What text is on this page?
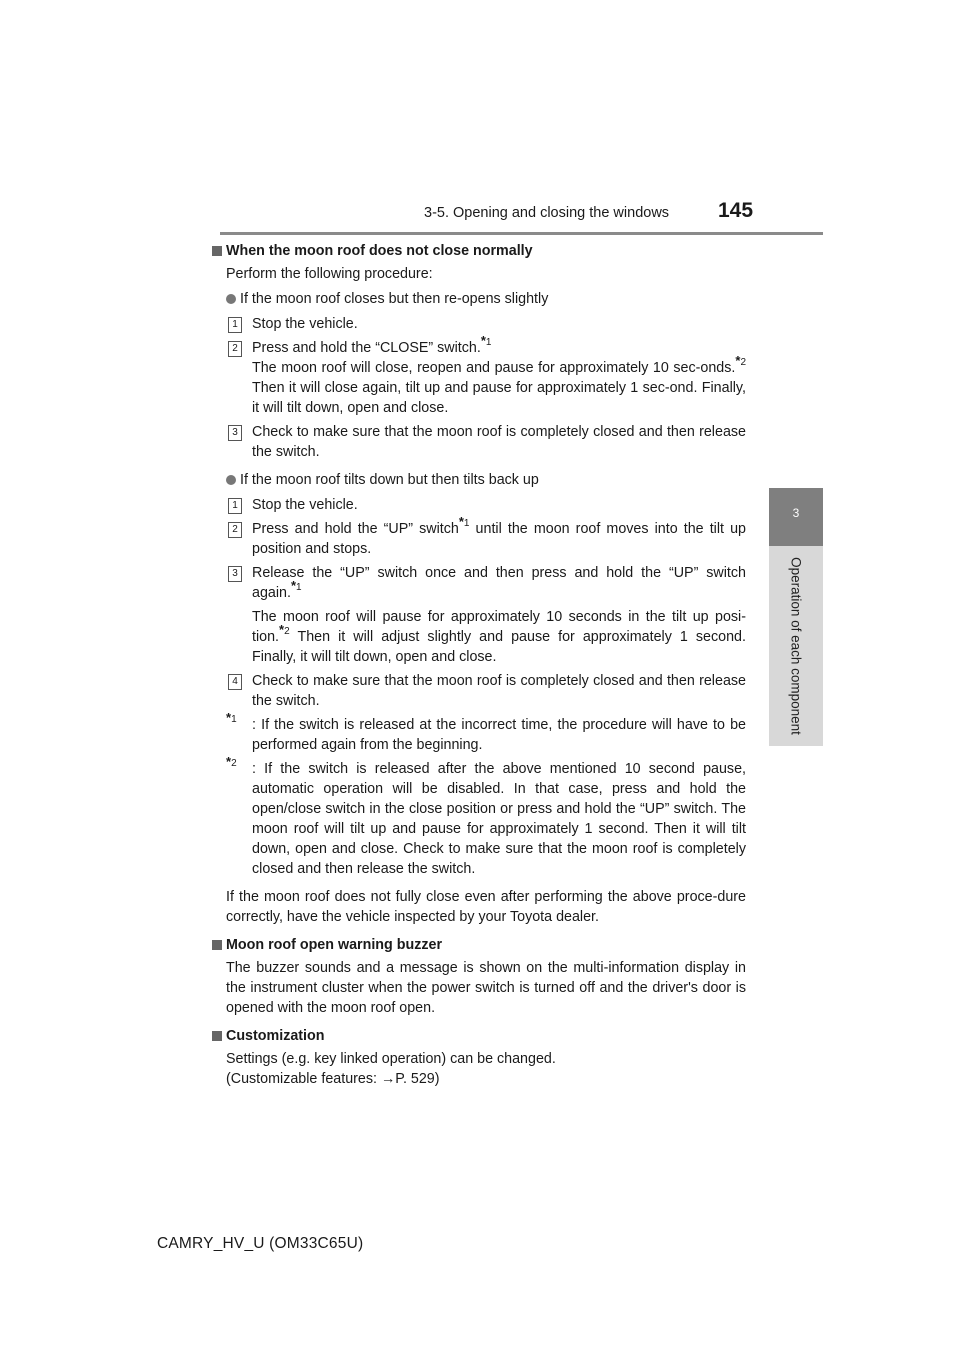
3-5. Opening and closing the windows 145
3
Operation of each component
When the moon roof does not close normally
Perform the following procedure:
If the moon roof closes but then re-opens slightly
1 Stop the vehicle.
2 Press and hold the “CLOSE” switch.$^{*1}$
The moon roof will close, reopen and pause for approximately 10 sec-onds.$^{*2}$ Then it will close again, tilt up and pause for approximately 1 sec-ond. Finally, it will tilt down, open and close.
3 Check to make sure that the moon roof is completely closed and then release the switch.
If the moon roof tilts down but then tilts back up
1 Stop the vehicle.
2 Press and hold the “UP” switch$^{*1}$ until the moon roof moves into the tilt up position and stops.
3 Release the “UP” switch once and then press and hold the “UP” switch again.$^{*1}$
The moon roof will pause for approximately 10 seconds in the tilt up posi-tion.$^{*2}$ Then it will adjust slightly and pause for approximately 1 second. Finally, it will tilt down, open and close.
4 Check to make sure that the moon roof is completely closed and then release the switch.
$^{*1}$ : If the switch is released at the incorrect time, the procedure will have to be performed again from the beginning.
$^{*2}$ : If the switch is released after the above mentioned 10 second pause, automatic operation will be disabled. In that case, press and hold the open/close switch in the close position or press and hold the “UP” switch. The moon roof will tilt up and pause for approximately 1 second. Then it will tilt down, open and close. Check to make sure that the moon roof is completely closed and then release the switch.
If the moon roof does not fully close even after performing the above proce-dure correctly, have the vehicle inspected by your Toyota dealer.
Moon roof open warning buzzer
The buzzer sounds and a message is shown on the multi-information display in the instrument cluster when the power switch is turned off and the driver's door is opened with the moon roof open.
Customization
Settings (e.g. key linked operation) can be changed.
(Customizable features: →P. 529)
CAMRY_HV_U (OM33C65U)
